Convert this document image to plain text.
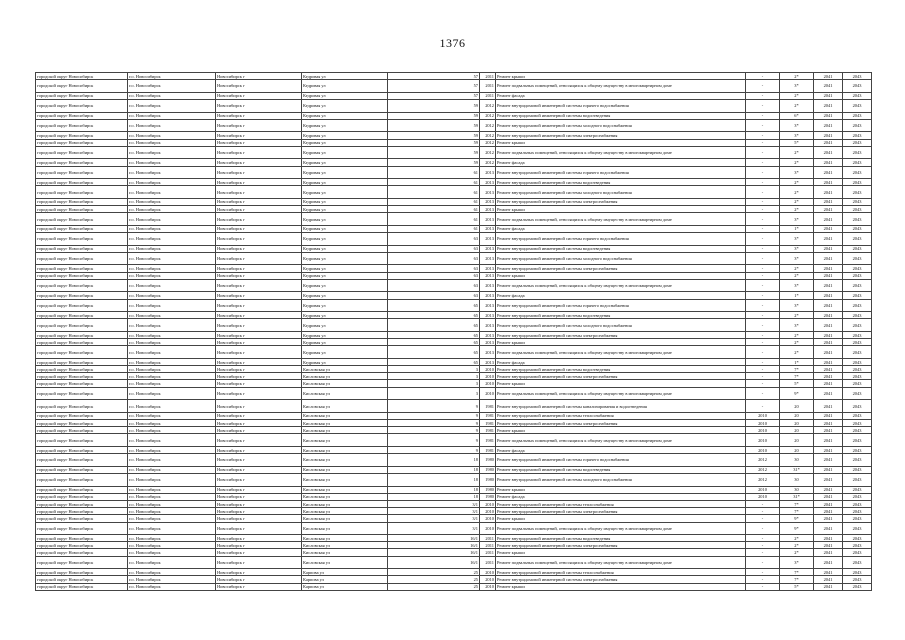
1376
городской округ Новосибирск	г.о. Новосибирск	Новосибирск г	Кедровая ул	57	2011	Ремонт крыши	-	2*	2041	2043
городской округ Новосибирск	г.о. Новосибирск	Новосибирск г	Кедровая ул	57	2011	Ремонт подвальных помещений, относящихся к общему имуществу в многоквартирном доме	-	3*	2041	2043
городской округ Новосибирск	г.о. Новосибирск	Новосибирск г	Кедровая ул	57	2011	Ремонт фасада	-	2*	2041	2043
городской округ Новосибирск	г.о. Новосибирск	Новосибирск г	Кедровая ул	59	2012	Ремонт внутридомовой инженерной системы горячего водоснабжения	-	2*	2041	2043
городской округ Новосибирск	г.о. Новосибирск	Новосибирск г	Кедровая ул	59	2012	Ремонт внутридомовой инженерной системы водоотведения	-	6*	2041	2043
городской округ Новосибирск	г.о. Новосибирск	Новосибирск г	Кедровая ул	59	2012	Ремонт внутридомовой инженерной системы холодного водоснабжения	-	3*	2041	2043
городской округ Новосибирск	г.о. Новосибирск	Новосибирск г	Кедровая ул	59	2012	Ремонт внутридомовой инженерной системы электроснабжения	-	3*	2041	2043
городской округ Новосибирск	г.о. Новосибирск	Новосибирск г	Кедровая ул	59	2012	Ремонт крыши	-	5*	2041	2043
городской округ Новосибирск	г.о. Новосибирск	Новосибирск г	Кедровая ул	59	2012	Ремонт подвальных помещений, относящихся к общему имуществу в многоквартирном доме	-	2*	2041	2043
городской округ Новосибирск	г.о. Новосибирск	Новосибирск г	Кедровая ул	59	2012	Ремонт фасада	-	2*	2041	2043
городской округ Новосибирск	г.о. Новосибирск	Новосибирск г	Кедровая ул	61	2013	Ремонт внутридомовой инженерной системы горячего водоснабжения	-	3*	2041	2043
городской округ Новосибирск	г.о. Новосибирск	Новосибирск г	Кедровая ул	61	2013	Ремонт внутридомовой инженерной системы водоотведения	-	2*	2041	2043
городской округ Новосибирск	г.о. Новосибирск	Новосибирск г	Кедровая ул	61	2013	Ремонт внутридомовой инженерной системы холодного водоснабжения	-	2*	2041	2043
городской округ Новосибирск	г.о. Новосибирск	Новосибирск г	Кедровая ул	61	2013	Ремонт внутридомовой инженерной системы электроснабжения	-	2*	2041	2043
городской округ Новосибирск	г.о. Новосибирск	Новосибирск г	Кедровая ул	61	2013	Ремонт крыши	-	2*	2041	2043
городской округ Новосибирск	г.о. Новосибирск	Новосибирск г	Кедровая ул	61	2013	Ремонт подвальных помещений, относящихся к общему имуществу в многоквартирном доме	-	3*	2041	2043
городской округ Новосибирск	г.о. Новосибирск	Новосибирск г	Кедровая ул	61	2013	Ремонт фасада	-	1*	2041	2043
городской округ Новосибирск	г.о. Новосибирск	Новосибирск г	Кедровая ул	63	2013	Ремонт внутридомовой инженерной системы горячего водоснабжения	-	3*	2041	2043
городской округ Новосибирск	г.о. Новосибирск	Новосибирск г	Кедровая ул	63	2013	Ремонт внутридомовой инженерной системы водоотведения	-	3*	2041	2043
городской округ Новосибирск	г.о. Новосибирск	Новосибирск г	Кедровая ул	63	2013	Ремонт внутридомовой инженерной системы холодного водоснабжения	-	3*	2041	2043
городской округ Новосибирск	г.о. Новосибирск	Новосибирск г	Кедровая ул	63	2013	Ремонт внутридомовой инженерной системы электроснабжения	-	2*	2041	2043
городской округ Новосибирск	г.о. Новосибирск	Новосибирск г	Кедровая ул	63	2013	Ремонт крыши	-	2*	2041	2043
городской округ Новосибирск	г.о. Новосибирск	Новосибирск г	Кедровая ул	63	2013	Ремонт подвальных помещений, относящихся к общему имуществу в многоквартирном доме	-	3*	2041	2043
городской округ Новосибирск	г.о. Новосибирск	Новосибирск г	Кедровая ул	63	2013	Ремонт фасада	-	1*	2041	2043
городской округ Новосибирск	г.о. Новосибирск	Новосибирск г	Кедровая ул	65	2013	Ремонт внутридомовой инженерной системы горячего водоснабжения	-	3*	2041	2043
городской округ Новосибирск	г.о. Новосибирск	Новосибирск г	Кедровая ул	65	2013	Ремонт внутридомовой инженерной системы водоотведения	-	2*	2041	2043
городской округ Новосибирск	г.о. Новосибирск	Новосибирск г	Кедровая ул	65	2013	Ремонт внутридомовой инженерной системы холодного водоснабжения	-	3*	2041	2043
городской округ Новосибирск	г.о. Новосибирск	Новосибирск г	Кедровая ул	65	2013	Ремонт внутридомовой инженерной системы электроснабжения	-	2*	2041	2043
городской округ Новосибирск	г.о. Новосибирск	Новосибирск г	Кедровая ул	65	2013	Ремонт крыши	-	2*	2041	2043
городской округ Новосибирск	г.о. Новосибирск	Новосибирск г	Кедровая ул	65	2013	Ремонт подвальных помещений, относящихся к общему имуществу в многоквартирном доме	-	2*	2041	2043
городской округ Новосибирск	г.о. Новосибирск	Новосибирск г	Кедровая ул	65	2013	Ремонт фасада	-	1*	2041	2043
городской округ Новосибирск	г.о. Новосибирск	Новосибирск г	Кисловская ул	3	2010	Ремонт внутридомовой инженерной системы водоотведения	-	7*	2041	2043
городской округ Новосибирск	г.о. Новосибирск	Новосибирск г	Кисловская ул	3	2010	Ремонт внутридомовой инженерной системы электроснабжения	-	7*	2041	2043
городской округ Новосибирск	г.о. Новосибирск	Новосибирск г	Кисловская ул	3	2010	Ремонт крыши	-	5*	2041	2043
городской округ Новосибирск	г.о. Новосибирск	Новосибирск г	Кисловская ул	3	2010	Ремонт подвальных помещений, относящихся к общему имуществу в многоквартирном доме	-	9*	2041	2043
городской округ Новосибирск	г.о. Новосибирск	Новосибирск г	Кисловская ул	9	1981	Ремонт внутридомовой инженерной системы канализирования и водоотведения	-	20	2041	2043
городской округ Новосибирск	г.о. Новосибирск	Новосибирск г	Кисловская ул	9	1981	Ремонт внутридомовой инженерной системы теплоснабжения	2010	20	2041	2043
городской округ Новосибирск	г.о. Новосибирск	Новосибирск г	Кисловская ул	9	1981	Ремонт внутридомовой инженерной системы электроснабжения	2010	20	2041	2043
городской округ Новосибирск	г.о. Новосибирск	Новосибирск г	Кисловская ул	9	1981	Ремонт крыши	2010	20	2041	2043
городской округ Новосибирск	г.о. Новосибирск	Новосибирск г	Кисловская ул	9	1981	Ремонт подвальных помещений, относящихся к общему имуществу в многоквартирном доме	2010	20	2041	2043
городской округ Новосибирск	г.о. Новосибирск	Новосибирск г	Кисловская ул	9	1981	Ремонт фасада	2010	20	2041	2043
городской округ Новосибирск	г.о. Новосибирск	Новосибирск г	Кисловская ул	18	1980	Ремонт внутридомовой инженерной системы горячего водоснабжения	2012	30	2041	2043
городской округ Новосибирск	г.о. Новосибирск	Новосибирск г	Кисловская ул	18	1980	Ремонт внутридомовой инженерной системы водоотведения	2012	31*	2041	2043
городской округ Новосибирск	г.о. Новосибирск	Новосибирск г	Кисловская ул	18	1980	Ремонт внутридомовой инженерной системы холодного водоснабжения	2012	30	2041	2043
городской округ Новосибирск	г.о. Новосибирск	Новосибирск г	Кисловская ул	18	1980	Ремонт крыши	2010	30	2041	2043
городской округ Новосибирск	г.о. Новосибирск	Новосибирск г	Кисловская ул	18	1980	Ремонт фасада	2010	31*	2041	2043
городской округ Новосибирск	г.о. Новосибирск	Новосибирск г	Кисловская ул	3/1	2010	Ремонт внутридомовой инженерной системы теплоснабжения	-	7*	2041	2043
городской округ Новосибирск	г.о. Новосибирск	Новосибирск г	Кисловская ул	3/1	2010	Ремонт внутридомовой инженерной системы электроснабжения	-	7*	2041	2043
городской округ Новосибирск	г.о. Новосибирск	Новосибирск г	Кисловская ул	3/1	2010	Ремонт крыши	-	9*	2041	2043
городской округ Новосибирск	г.о. Новосибирск	Новосибирск г	Кисловская ул	3/1	2010	Ремонт подвальных помещений, относящихся к общему имуществу в многоквартирном доме	-	9*	2041	2043
городской округ Новосибирск	г.о. Новосибирск	Новосибирск г	Кисловская ул	16/1	2011	Ремонт внутридомовой инженерной системы водоотведения	-	2*	2041	2043
городской округ Новосибирск	г.о. Новосибирск	Новосибирск г	Кисловская ул	16/1	2011	Ремонт внутридомовой инженерной системы электроснабжения	-	2*	2041	2043
городской округ Новосибирск	г.о. Новосибирск	Новосибирск г	Кисловская ул	16/1	2011	Ремонт крыши	-	2*	2041	2043
городской округ Новосибирск	г.о. Новосибирск	Новосибирск г	Кисловская ул	16/1	2011	Ремонт подвальных помещений, относящихся к общему имуществу в многоквартирном доме	-	3*	2041	2043
городской округ Новосибирск	г.о. Новосибирск	Новосибирск г	Карпова ул	25	2010	Ремонт внутридомовой инженерной системы теплоснабжения	-	7*	2041	2043
городской округ Новосибирск	г.о. Новосибирск	Новосибирск г	Карпова ул	25	2010	Ремонт внутридомовой инженерной системы электроснабжения	-	7*	2041	2043
городской округ Новосибирск	г.о. Новосибирск	Новосибирск г	Карпова ул	25	2010	Ремонт крыши	-	5*	2041	2043
